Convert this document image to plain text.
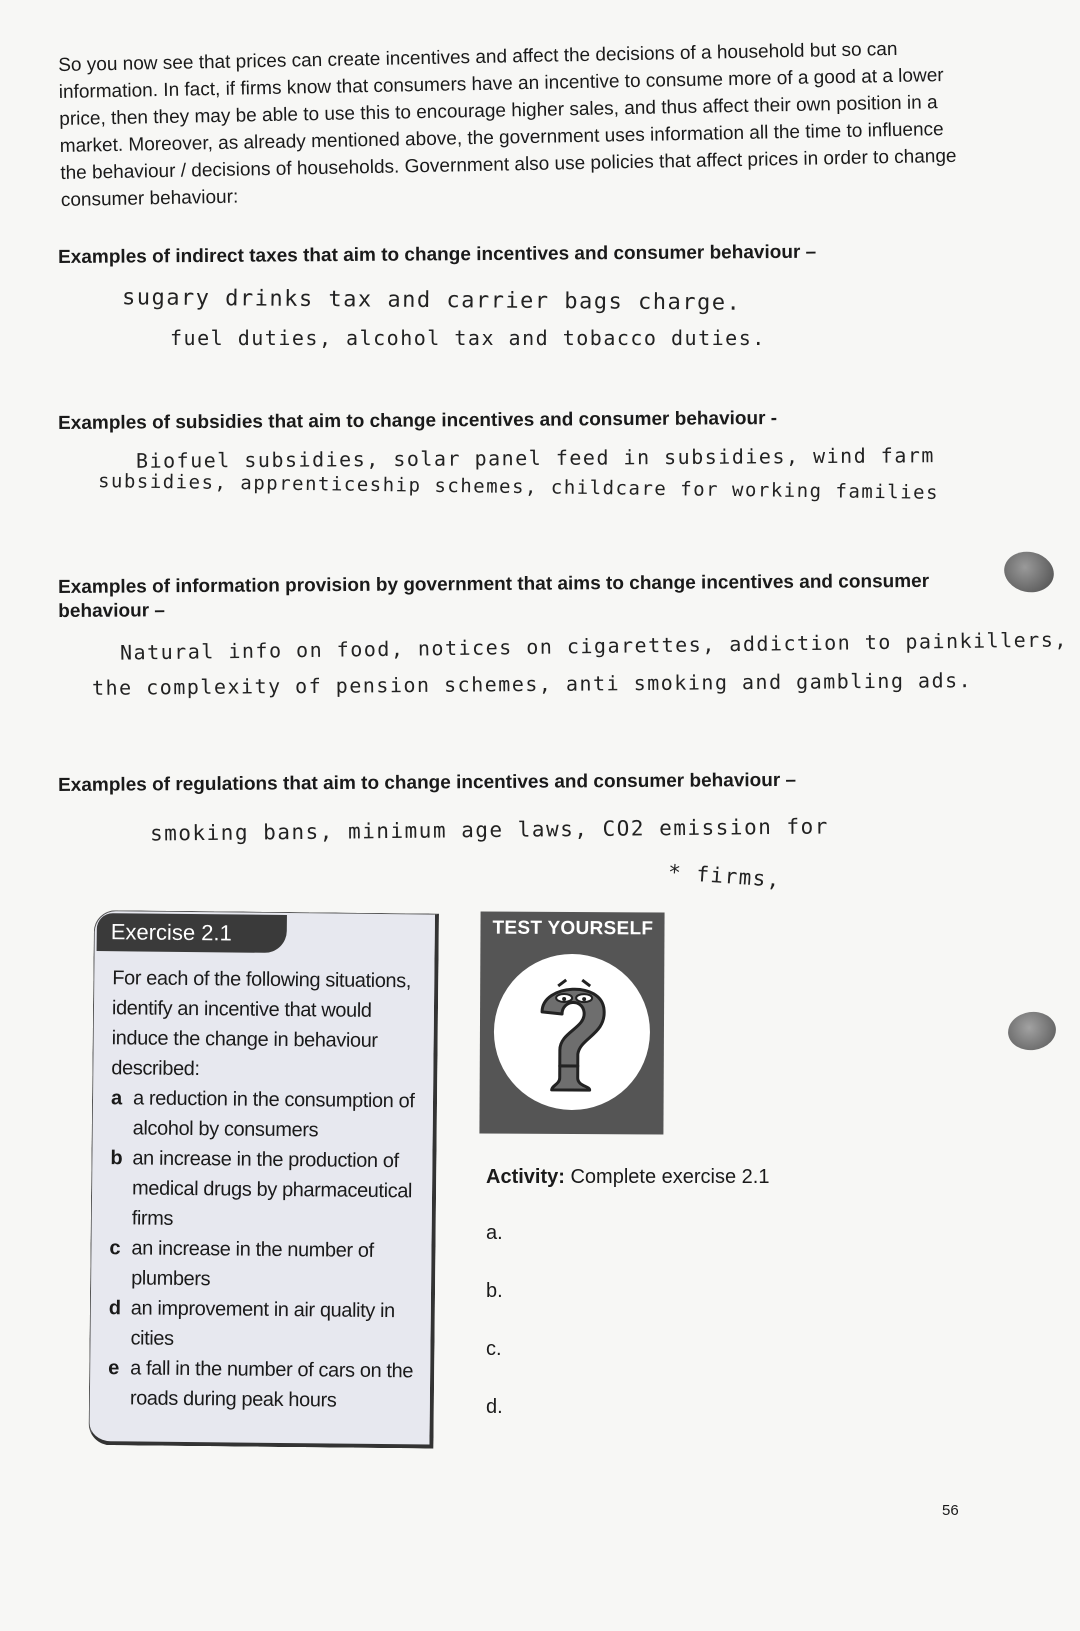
So you now see that prices can create incentives and affect the decisions of a household but so can
information. In fact, if firms know that consumers have an incentive to consume more of a good at a lower
price, then they may be able to use this to encourage higher sales, and thus affect their own position in a
market. Moreover, as already mentioned above, the government uses information all the time to influence
the behaviour / decisions of households. Government also use policies that affect prices in order to change
consumer behaviour:
Examples of indirect taxes that aim to change incentives and consumer behaviour –
sugary drinks tax and carrier bags charge.
fuel duties, alcohol tax and tobacco duties.
Examples of subsidies that aim to change incentives and consumer behaviour -
Biofuel subsidies, solar panel feed in subsidies, wind farm
subsidies, apprenticeship schemes, childcare for working families
Examples of information provision by government that aims to change incentives and consumer
behaviour –
Natural info on food, notices on cigarettes, addiction to painkillers,
the complexity of pension schemes, anti smoking and gambling ads.
Examples of regulations that aim to change incentives and consumer behaviour –
smoking bans, minimum age laws, CO2 emission for
* firms,
Exercise 2.1

For each of the following situations, identify an incentive that would induce the change in behaviour described:

a a reduction in the consumption of alcohol by consumers
b an increase in the production of medical drugs by pharmaceutical firms
c an increase in the number of plumbers
d an improvement in air quality in cities
e a fall in the number of cars on the roads during peak hours
TEST YOURSELF
Activity: Complete exercise 2.1
a.
b.
c.
d.
56
